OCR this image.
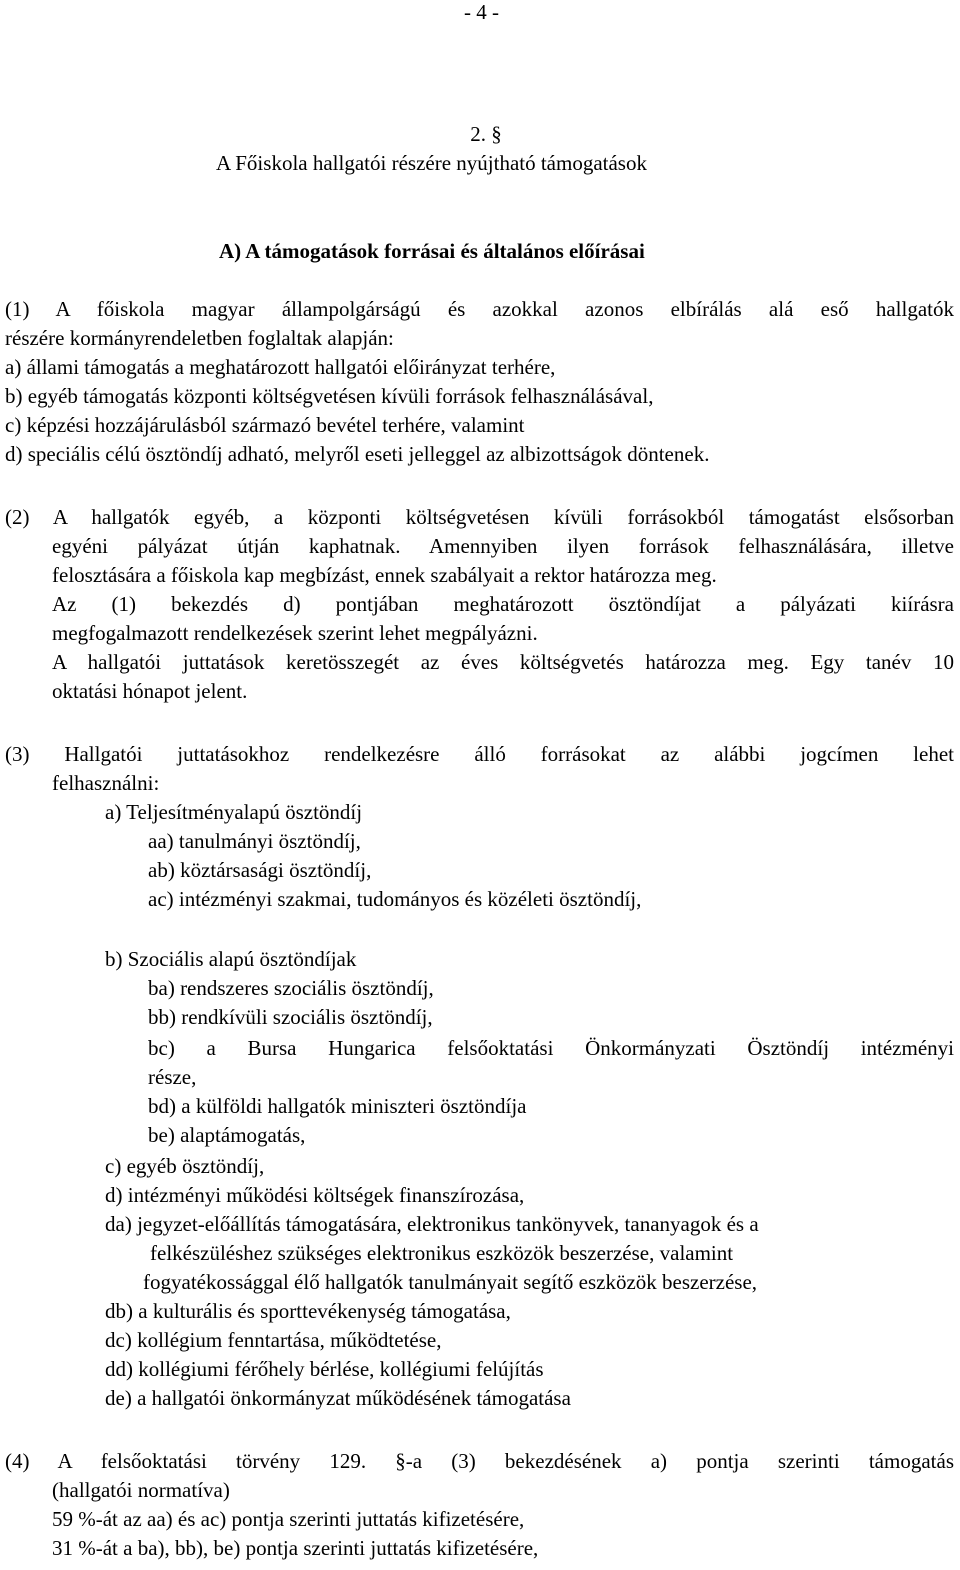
- 4 -
2. §
A Főiskola hallgatói részére nyújtható támogatások
A) A támogatások forrásai és általános előírásai
(1) A főiskola magyar állampolgárságú és azokkal azonos elbírálás alá eső hallgatók
részére kormányrendeletben foglaltak alapján:
a) állami támogatás a meghatározott hallgatói előirányzat terhére,
b) egyéb támogatás központi költségvetésen kívüli források felhasználásával,
c) képzési hozzájárulásból származó bevétel terhére, valamint
d) speciális célú ösztöndíj adható, melyről eseti jelleggel az albizottságok döntenek.
(2) A hallgatók egyéb, a központi költségvetésen kívüli forrásokból támogatást elsősorban
egyéni pályázat útján kaphatnak. Amennyiben ilyen források felhasználására, illetve
felosztására a főiskola kap megbízást, ennek szabályait a rektor határozza meg.
Az (1) bekezdés d) pontjában meghatározott ösztöndíjat a pályázati kiírásra
megfogalmazott rendelkezések szerint lehet megpályázni.
A hallgatói juttatások keretösszegét az éves költségvetés határozza meg. Egy tanév 10
oktatási hónapot jelent.
(3) Hallgatói juttatásokhoz rendelkezésre álló forrásokat az alábbi jogcímen lehet
felhasználni:
a) Teljesítményalapú ösztöndíj
aa) tanulmányi ösztöndíj,
ab) köztársasági ösztöndíj,
ac) intézményi szakmai, tudományos és közéleti ösztöndíj,
b) Szociális alapú ösztöndíjak
ba) rendszeres szociális ösztöndíj,
bb) rendkívüli szociális ösztöndíj,
bc) a Bursa Hungarica felsőoktatási Önkormányzati Ösztöndíj intézményi
része,
bd) a külföldi hallgatók miniszteri ösztöndíja
be) alaptámogatás,
c) egyéb ösztöndíj,
d) intézményi működési költségek finanszírozása,
da) jegyzet-előállítás támogatására, elektronikus tankönyvek, tananyagok és a
felkészüléshez szükséges elektronikus eszközök beszerzése, valamint
fogyatékossággal élő hallgatók tanulmányait segítő eszközök beszerzése,
db) a kulturális és sporttevékenység támogatása,
dc) kollégium fenntartása, működtetése,
dd) kollégiumi férőhely bérlése, kollégiumi felújítás
de) a hallgatói önkormányzat működésének támogatása
(4) A felsőoktatási törvény 129. §-a (3) bekezdésének a) pontja szerinti támogatás
(hallgatói normatíva)
59 %-át az aa) és ac) pontja szerinti juttatás kifizetésére,
31 %-át a ba), bb), be) pontja szerinti juttatás kifizetésére,
